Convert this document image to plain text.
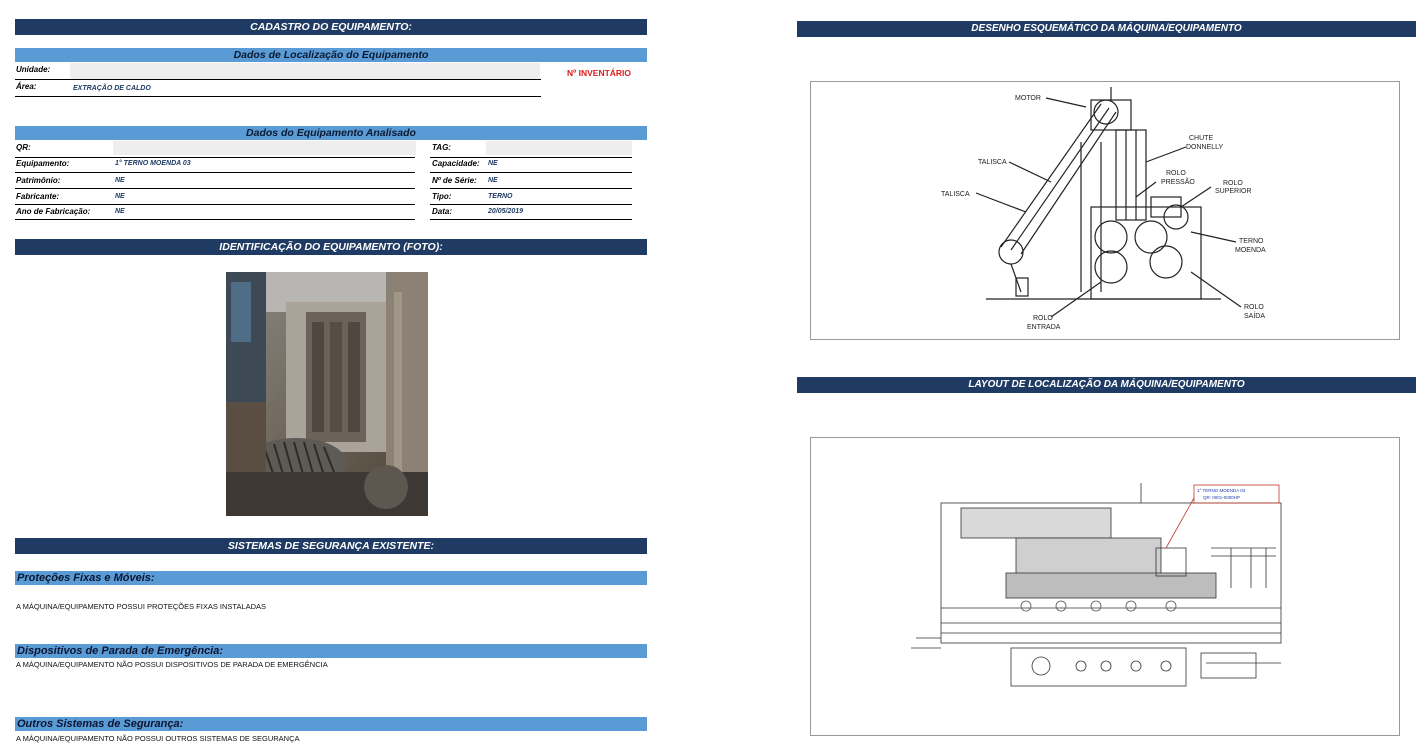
CADASTRO DO EQUIPAMENTO:
Dados de Localização do Equipamento
Unidade:
Área:	EXTRAÇÃO DE CALDO
Nº INVENTÁRIO
Dados do Equipamento Analisado
QR:
Equipamento:	1° TERNO MOENDA 03
Patrimônio:	NE
Fabricante:	NE
Ano de Fabricação:	NE
TAG:
Capacidade: NE
Nº de Série: NE
Tipo:	TERNO
Data:	20/05/2019
IDENTIFICAÇÃO DO EQUIPAMENTO (FOTO):
SISTEMAS DE SEGURANÇA EXISTENTE:
Proteções Fixas e Móveis:
A MÁQUINA/EQUIPAMENTO POSSUI PROTEÇÕES FIXAS INSTALADAS
Dispositivos de Parada de Emergência:
A MÁQUINA/EQUIPAMENTO NÃO POSSUI DISPOSITIVOS DE PARADA DE EMERGÊNCIA
Outros Sistemas de Segurança:
A MÁQUINA/EQUIPAMENTO NÃO POSSUI OUTROS SISTEMAS DE SEGURANÇA
DESENHO ESQUEMÁTICO DA MÁQUINA/EQUIPAMENTO
MOTOR
TALISCA
TALISCA
CHUTE
DONNELLY
ROLO
PRESSÃO	ROLO
SUPERIOR
TERNO
MOENDA
ROLO
SAÍDA
ROLO
ENTRADA
LAYOUT DE LOCALIZAÇÃO DA MÁQUINA/EQUIPAMENTO
1° TERNO MOENDA 03
QR: 0001-0000HP
